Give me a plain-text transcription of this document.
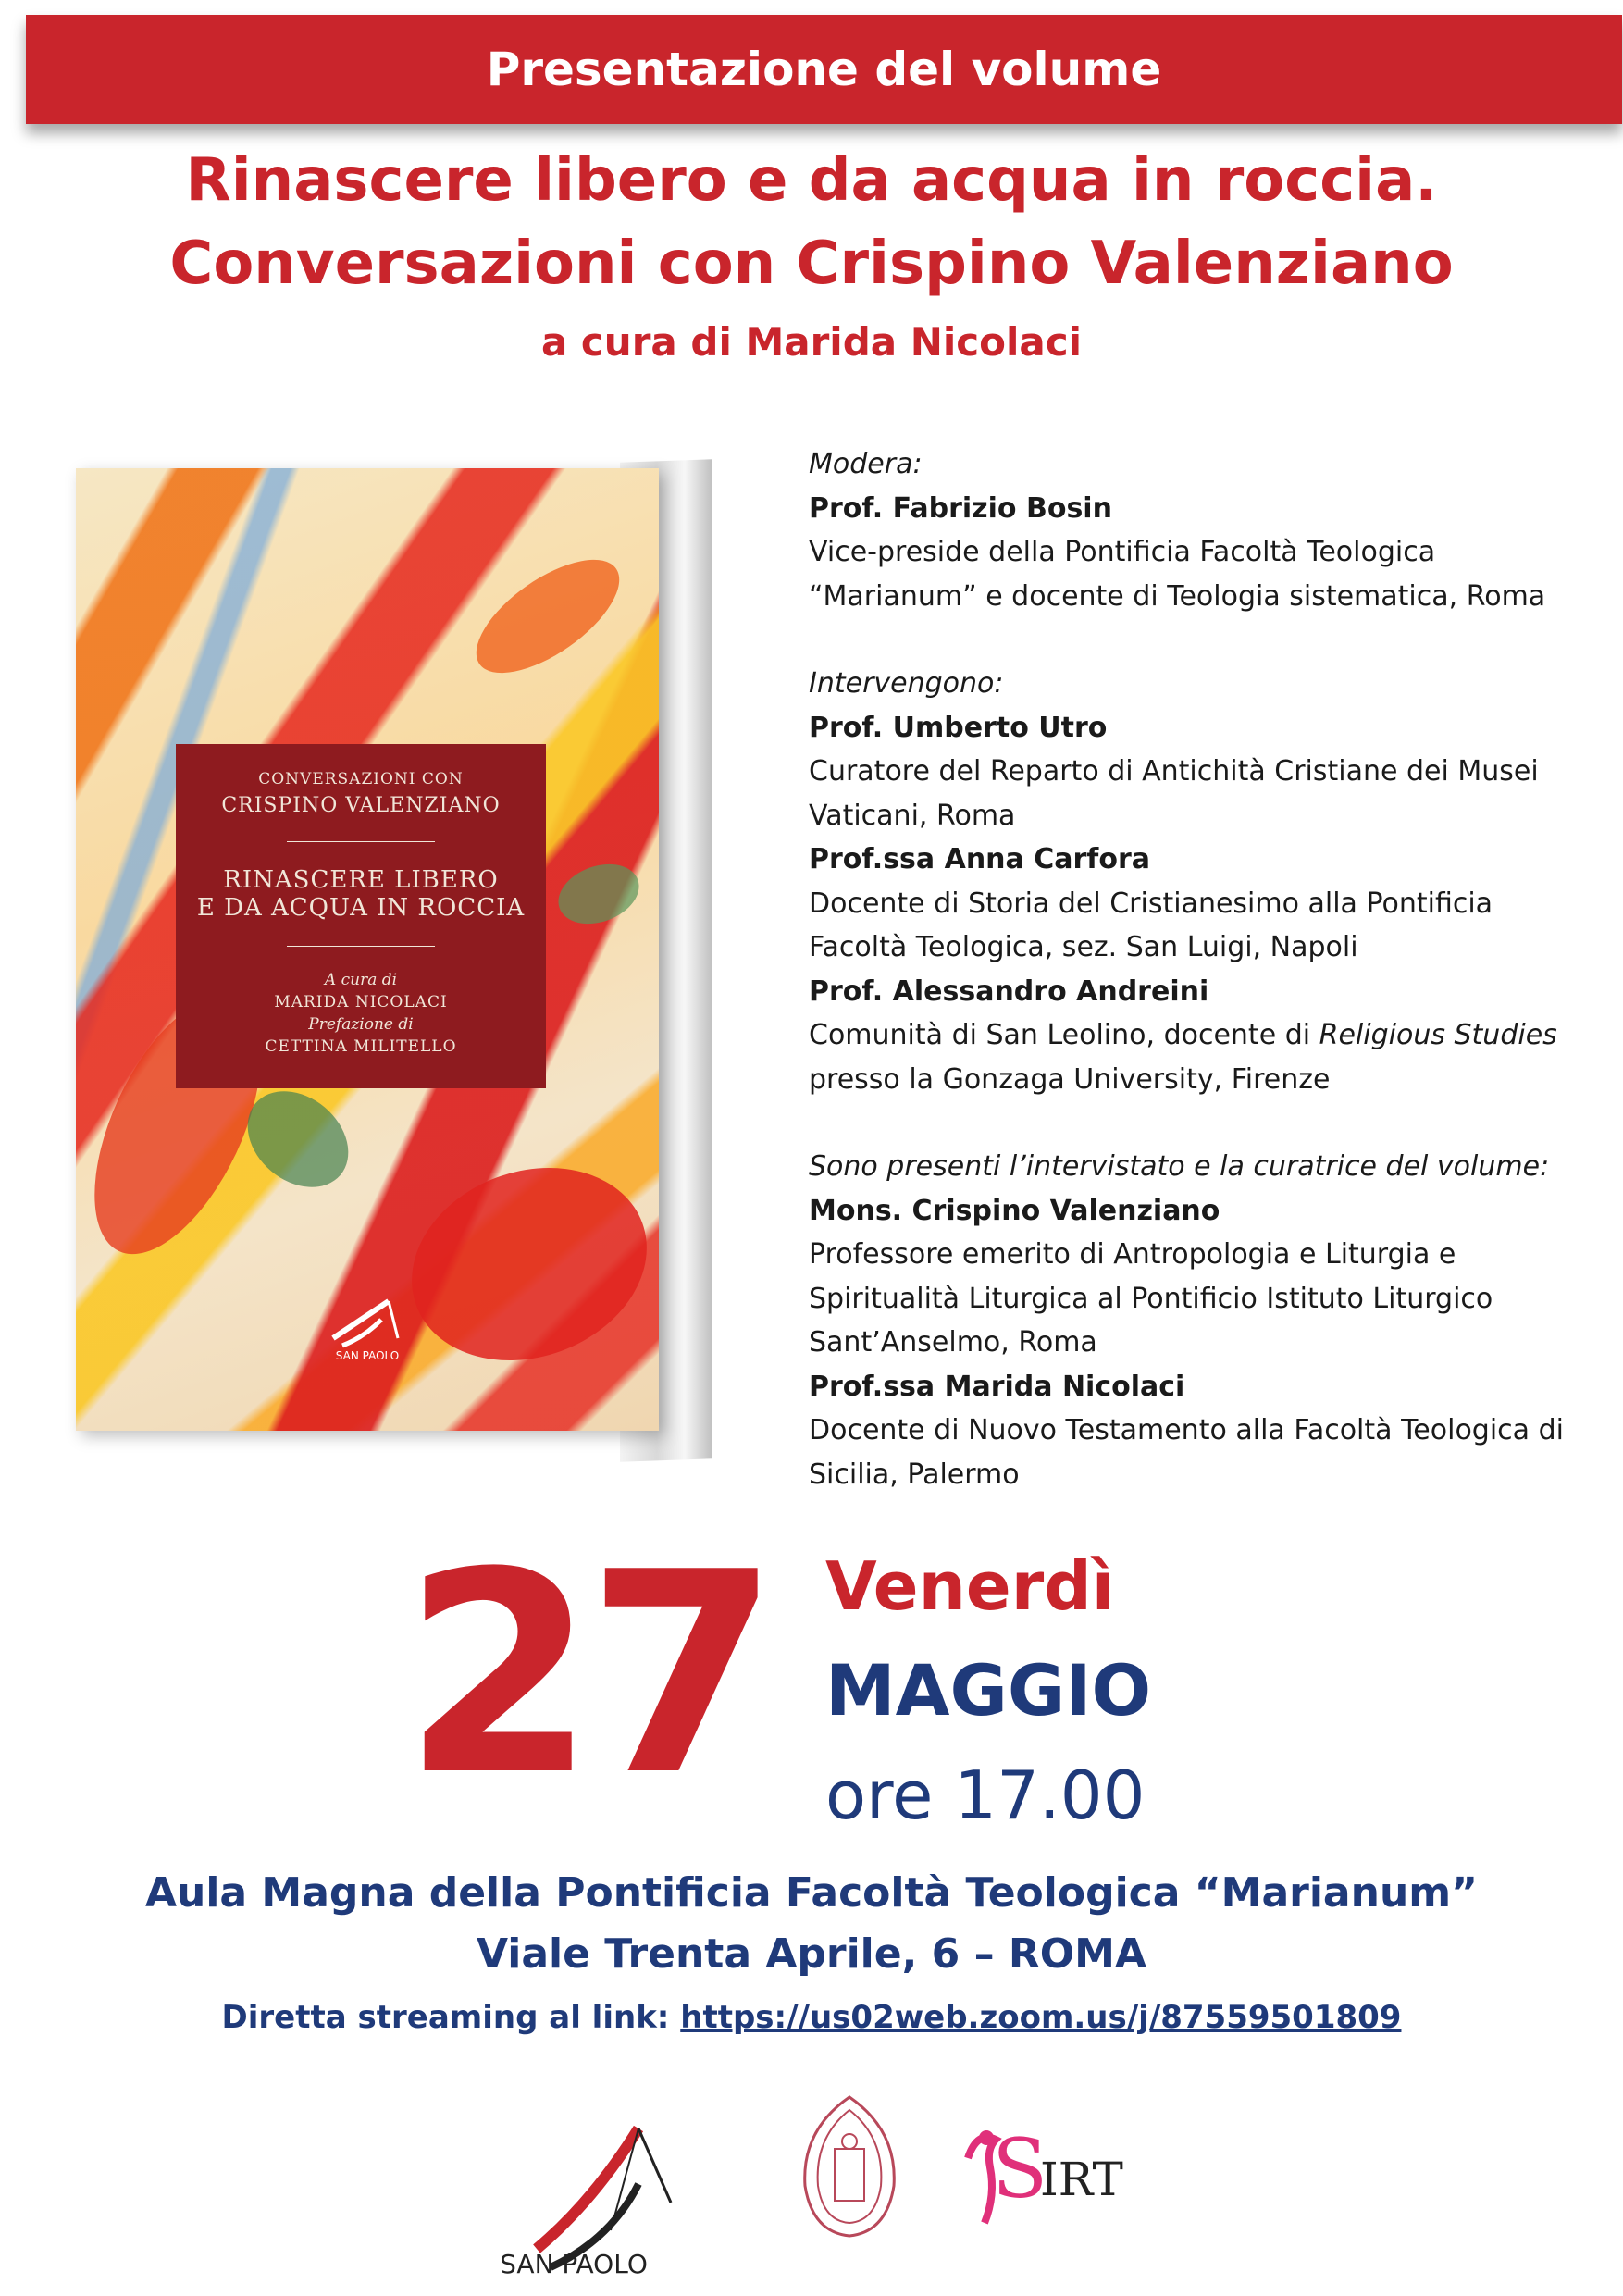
Presentazione del volume
Rinascere libero e da acqua in roccia.
Conversazioni con Crispino Valenziano
a cura di Marida Nicolaci
CONVERSAZIONI CON
CRISPINO VALENZIANO
RINASCERE LIBERO
E DA ACQUA IN ROCCIA
A cura di
MARIDA NICOLACI
Prefazione di
CETTINA MILITELLO
SAN PAOLO
Modera:
Prof. Fabrizio Bosin
Vice-preside della Pontificia Facoltà Teologica
“Marianum” e docente di Teologia sistematica, Roma
Intervengono:
Prof. Umberto Utro
Curatore del Reparto di Antichità Cristiane dei Musei
Vaticani, Roma
Prof.ssa Anna Carfora
Docente di Storia del Cristianesimo alla Pontificia
Facoltà Teologica, sez. San Luigi, Napoli
Prof. Alessandro Andreini
Comunità di San Leolino, docente di Religious Studies
presso la Gonzaga University, Firenze
Sono presenti l’intervistato e la curatrice del volume:
Mons. Crispino Valenziano
Professore emerito di Antropologia e Liturgia e
Spiritualità Liturgica al Pontificio Istituto Liturgico
Sant’Anselmo, Roma
Prof.ssa Marida Nicolaci
Docente di Nuovo Testamento alla Facoltà Teologica di
Sicilia, Palermo
27 Venerdì
MAGGIO
ore 17.00
Aula Magna della Pontificia Facoltà Teologica “Marianum”
Viale Trenta Aprile, 6 – ROMA
Diretta streaming al link: https://us02web.zoom.us/j/87559501809
SAN PAOLO
S
IRT
